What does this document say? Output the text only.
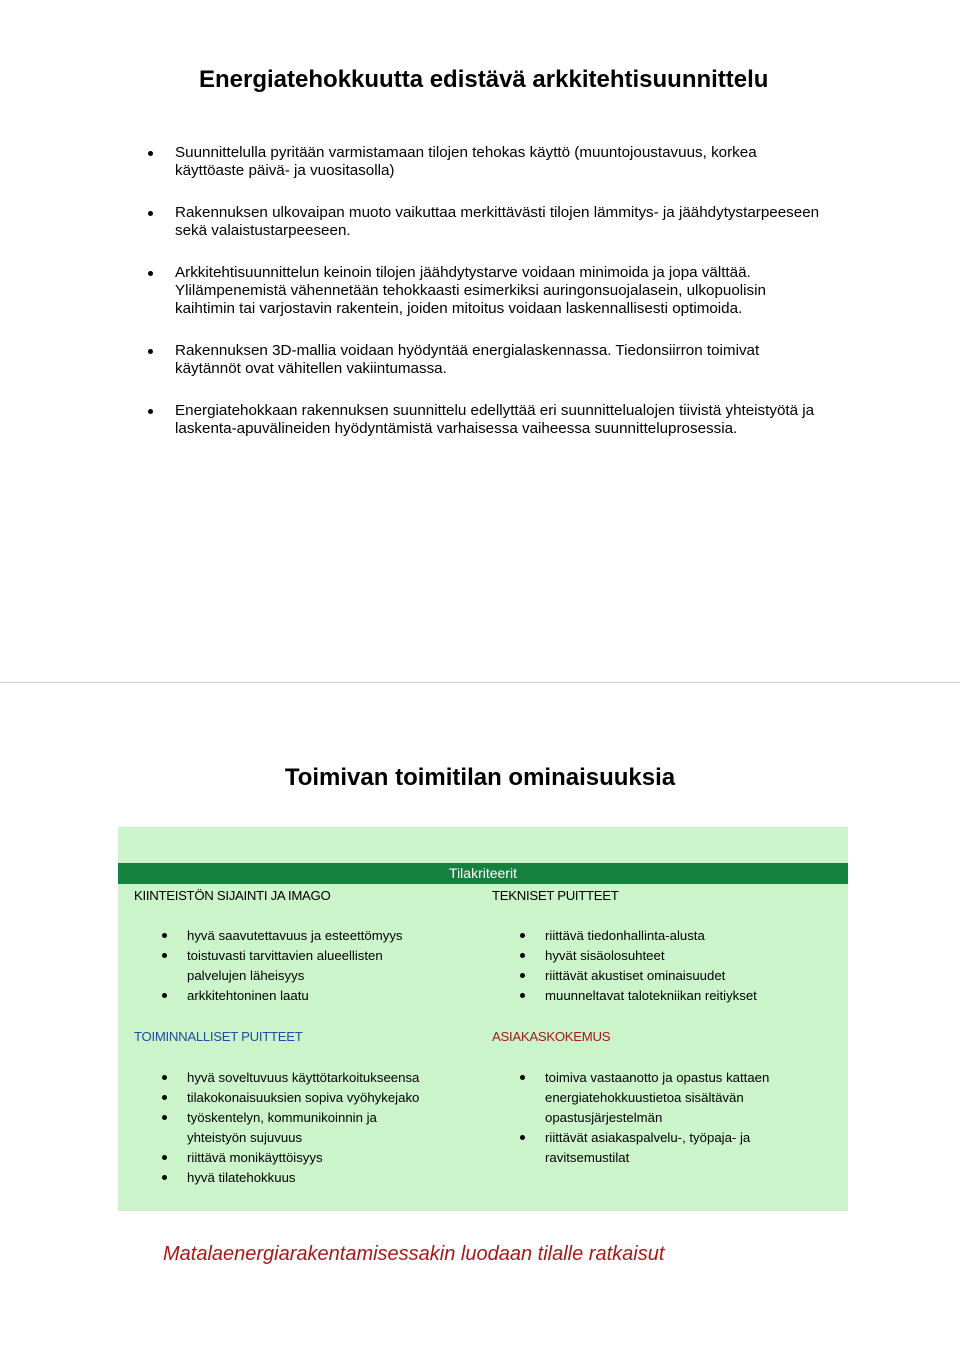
Energiatehokkuutta edistävä arkkitehtisuunnittelu
Suunnittelulla pyritään varmistamaan tilojen tehokas käyttö (muuntojoustavuus, korkea käyttöaste päivä- ja vuositasolla)
Rakennuksen ulkovaipan muoto vaikuttaa merkittävästi tilojen lämmitys- ja jäähdytystarpeeseen sekä valaistustarpeeseen.
Arkkitehtisuunnittelun keinoin tilojen jäähdytystarve voidaan minimoida ja jopa välttää. Ylilämpenemistä vähennetään tehokkaasti esimerkiksi auringonsuojalasein, ulkopuolisin kaihtimin tai varjostavin rakentein, joiden mitoitus voidaan laskennallisesti optimoida.
Rakennuksen 3D-mallia voidaan hyödyntää energialaskennassa. Tiedonsiirron toimivat käytännöt ovat vähitellen vakiintumassa.
Energiatehokkaan rakennuksen suunnittelu edellyttää eri suunnittelualojen tiivistä yhteistyötä ja laskenta-apuvälineiden hyödyntämistä varhaisessa vaiheessa suunnitteluprosessia.
Toimivan toimitilan ominaisuuksia
Tilakriteerit
KIINTEISTÖN SIJAINTI JA IMAGO
hyvä saavutettavuus ja esteettömyys
toistuvasti tarvittavien alueellisten palvelujen läheisyys
arkkitehtoninen laatu
TEKNISET PUITTEET
riittävä tiedonhallinta-alusta
hyvät sisäolosuhteet
riittävät akustiset ominaisuudet
muunneltavat talotekniikan reitiykset
TOIMINNALLISET PUITTEET
hyvä soveltuvuus käyttötarkoitukseensa
tilakokonaisuuksien sopiva vyöhykejako
työskentelyn, kommunikoinnin ja yhteistyön sujuvuus
riittävä monikäyttöisyys
hyvä tilatehokkuus
ASIAKASKOKEMUS
toimiva vastaanotto ja opastus kattaen energiatehokkuustietoa sisältävän opastusjärjestelmän
riittävät asiakaspalvelu-, työpaja- ja ravitsemustilat
Matalaenergiarakentamisessakin luodaan tilalle ratkaisut
